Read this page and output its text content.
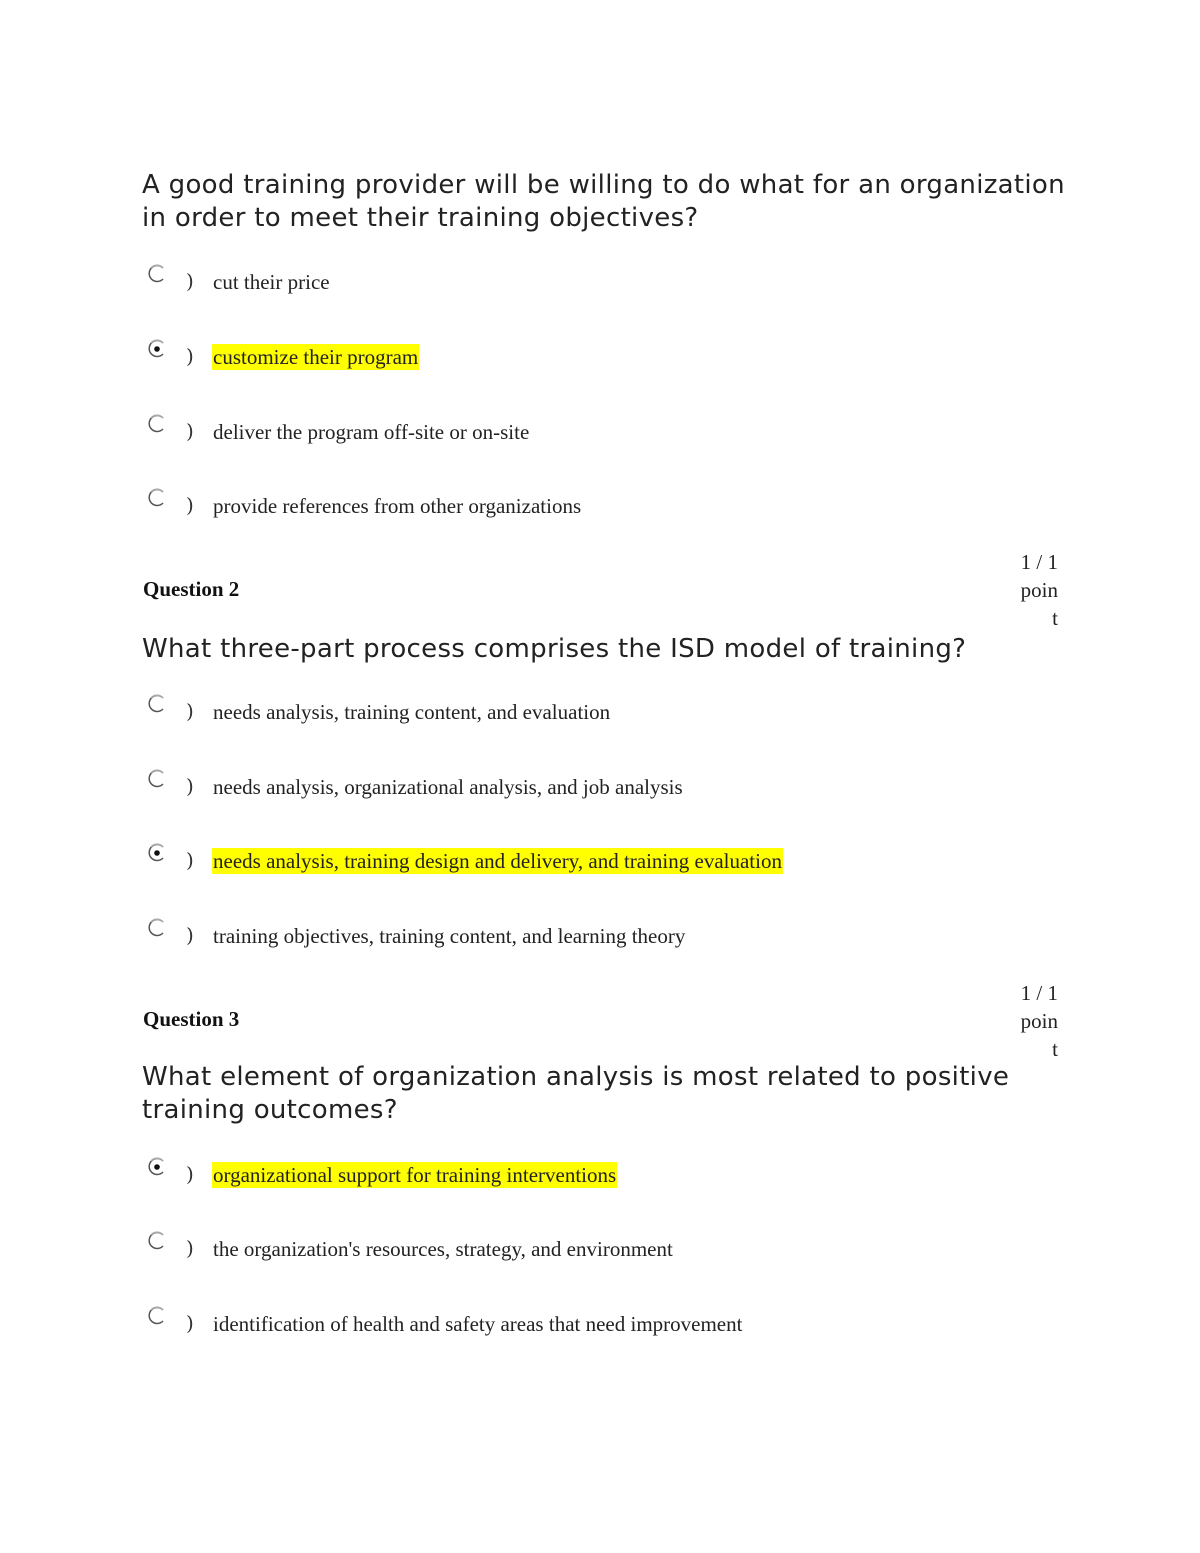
A good training provider will be willing to do what for an organization in order to meet their training objectives?

) cut their price
) customize their program
) deliver the program off-site or on-site
) provide references from other organizations
Question 2
1 / 1
poin
t

What three-part process comprises the ISD model of training?

) needs analysis, training content, and evaluation
) needs analysis, organizational analysis, and job analysis
) needs analysis, training design and delivery, and training evaluation
) training objectives, training content, and learning theory
Question 3
1 / 1
poin
t

What element of organization analysis is most related to positive training outcomes?

) organizational support for training interventions
) the organization's resources, strategy, and environment
) identification of health and safety areas that need improvement
